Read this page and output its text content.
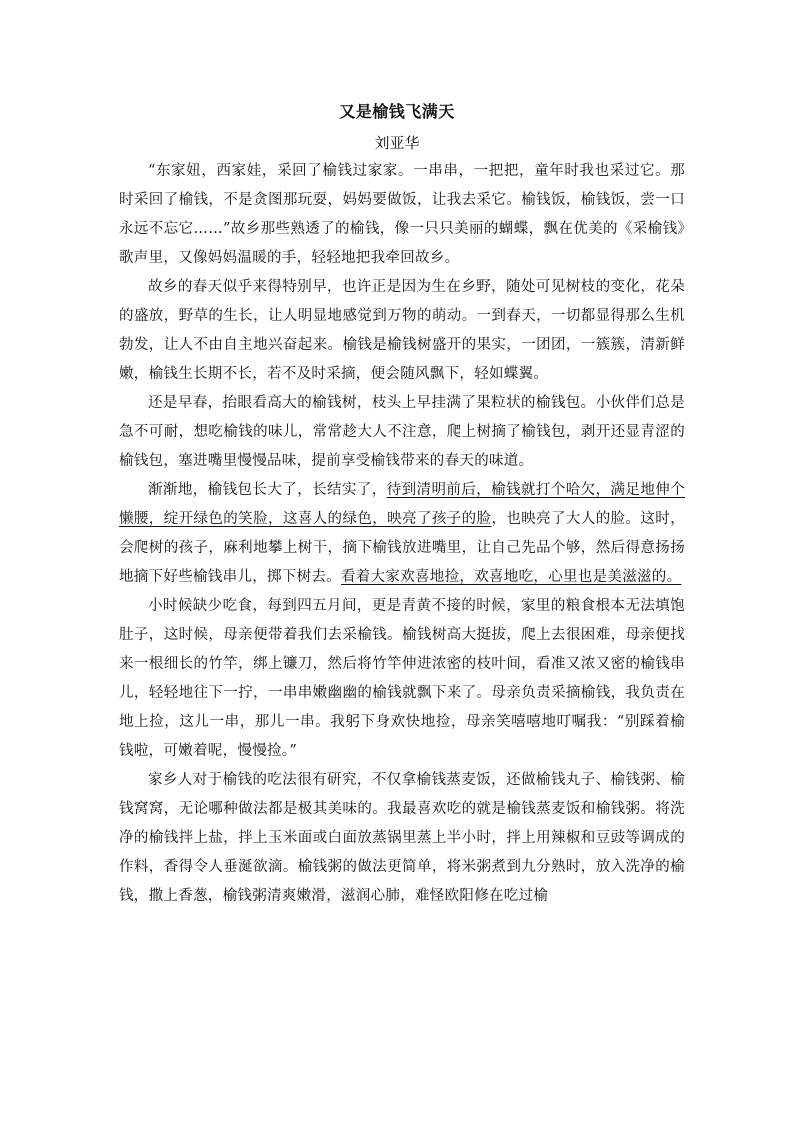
又是榆钱飞满天
刘亚华

“东家妞，西家娃，采回了榆钱过家家。一串串，一把把，童年时我也采过它。那时采回了榆钱，不是贪图那玩耍，妈妈要做饭，让我去采它。榆钱饭，榆钱饭，尝一口永远不忘它……”故乡那些熟透了的榆钱，像一只只美丽的蝴蝶，飘在优美的《采榆钱》歌声里，又像妈妈温暖的手，轻轻地把我牵回故乡。

故乡的春天似乎来得特别早，也许正是因为生在乡野，随处可见树枝的变化，花朵的盛放，野草的生长，让人明显地感觉到万物的萌动。一到春天，一切都显得那么生机勃发，让人不由自主地兴奋起来。榆钱是榆钱树盛开的果实，一团团，一簇簇，清新鲜嫩，榆钱生长期不长，若不及时采摘，便会随风飘下，轻如蝶翼。

还是早春，抬眼看高大的榆钱树，枝头上早挂满了果粒状的榆钱包。小伙伴们总是急不可耐，想吃榆钱的味儿，常常趁大人不注意，爬上树摘了榆钱包，剥开还显青涩的榆钱包，塞进嘴里慢慢品味，提前享受榆钱带来的春天的味道。

渐渐地，榆钱包长大了，长结实了，待到清明前后，榆钱就打个哈欠，满足地伸个懒腰，绽开绿色的笑脸，这喜人的绿色，映亮了孩子的脸，也映亮了大人的脸。这时，会爬树的孩子，麻利地攀上树干，摘下榆钱放进嘴里，让自己先品个够，然后得意扬扬地摘下好些榆钱串儿，掷下树去。看着大家欢喜地捡，欢喜地吃，心里也是美滋滋的。

小时候缺少吃食，每到四五月间，更是青黄不接的时候，家里的粮食根本无法填饱肚子，这时候，母亲便带着我们去采榆钱。榆钱树高大挺拔，爬上去很困难，母亲便找来一根细长的竹竿，绑上镰刀，然后将竹竿伸进浓密的枝叶间，看准又浓又密的榆钱串儿，轻轻地往下一拧，一串串嫩幽幽的榆钱就飘下来了。母亲负责采摘榆钱，我负责在地上捡，这儿一串，那儿一串。我躬下身欢快地捡，母亲笑嘻嘻地叮嘱我：“别踩着榆钱啦，可嫩着呢，慢慢捡。”

家乡人对于榆钱的吃法很有研究，不仅拿榆钱蒸麦饭，还做榆钱丸子、榆钱粥、榆钱窝窝，无论哪种做法都是极其美味的。我最喜欢吃的就是榆钱蒸麦饭和榆钱粥。将洗净的榆钱拌上盐，拌上玉米面或白面放蒸锅里蒸上半小时，拌上用辣椒和豆豉等调成的作料，香得令人垂涎欲滴。榆钱粥的做法更简单，将米粥煮到九分熟时，放入洗净的榆钱，撒上香葱，榆钱粥清爽嫩滑，滋润心肺，难怪欧阳修在吃过榆
